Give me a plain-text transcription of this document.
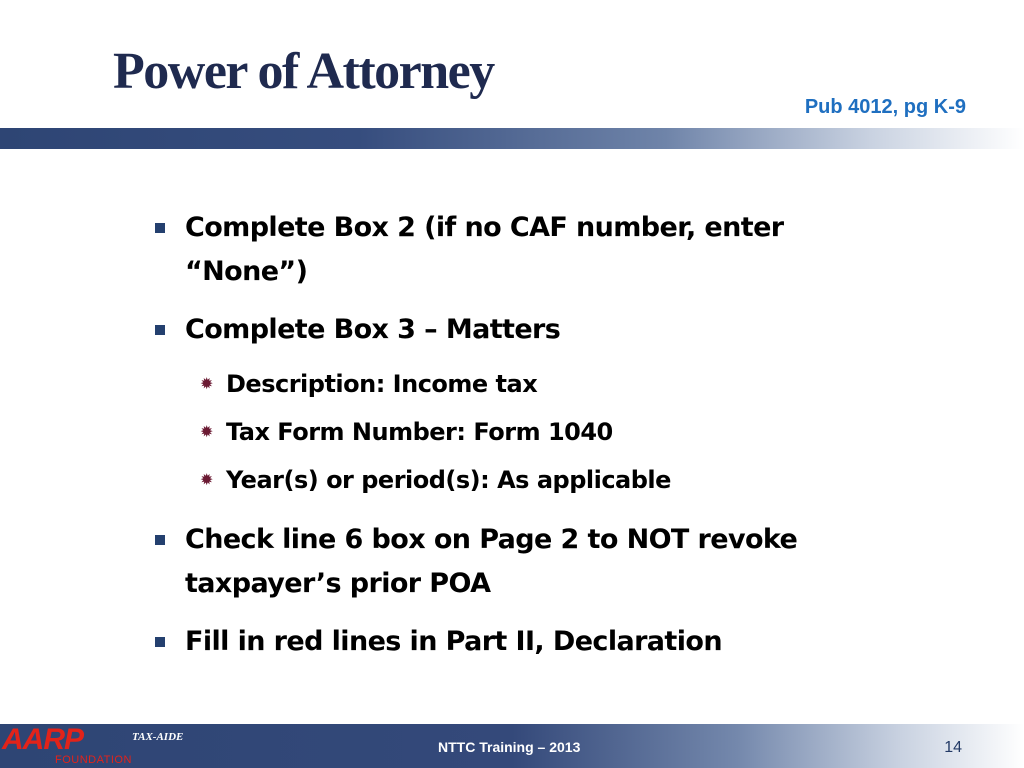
Power of Attorney
Pub 4012, pg K-9
Complete Box 2 (if no CAF number, enter “None”)
Complete Box 3 – Matters
✹ Description: Income tax
✹ Tax Form Number: Form 1040
✹ Year(s) or period(s): As applicable
Check line 6 box on Page 2 to NOT revoke taxpayer’s prior POA
Fill in red lines in Part II, Declaration
AARP
FOUNDATION
TAX-AIDE
NTTC Training – 2013	14
